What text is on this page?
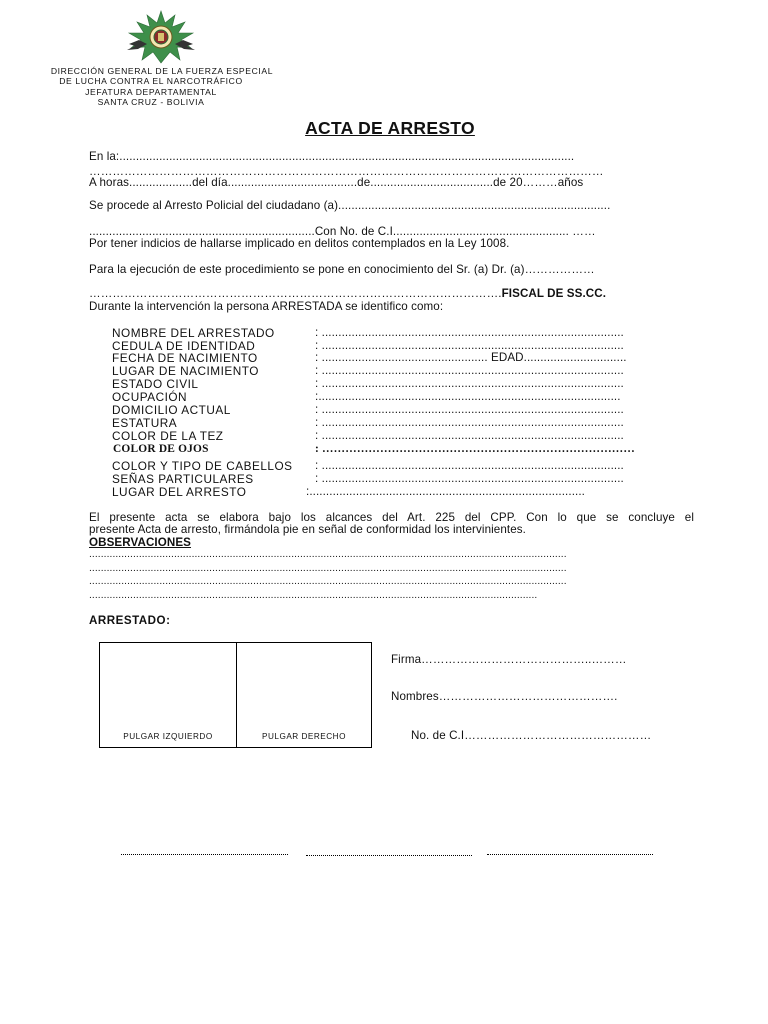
DIRECCIÓN GENERAL DE LA FUERZA ESPECIAL
DE LUCHA CONTRA EL NARCOTRÁFICO
JEFATURA DEPARTAMENTAL
SANTA CRUZ - BOLIVIA
ACTA DE ARRESTO
En la:.........................................................................................................................................
……………………………………………………………………………………………………………………
A horas...................del día.......................................de.....................................de 20………años
Se procede al Arresto Policial del ciudadano (a)..................................................................................
....................................................................Con No. de C.I..................................................... ……
Por tener indicios de hallarse implicado en delitos contemplados en la Ley 1008.
Para la ejecución de este procedimiento se pone en conocimiento del Sr. (a) Dr. (a)………………
…………………………………………………………………………………………….FISCAL DE SS.CC.
Durante la intervención la persona ARRESTADA se identifico como:
NOMBRE DEL ARRESTADO	: ...........................................................................................
CEDULA DE IDENTIDAD	: ...........................................................................................
FECHA DE NACIMIENTO	: .................................................. EDAD...............................
LUGAR DE NACIMIENTO	: ...........................................................................................
ESTADO CIVIL	: ...........................................................................................
OCUPACIÓN	:...........................................................................................
DOMICILIO ACTUAL	: ...........................................................................................
ESTATURA	: ...........................................................................................
COLOR DE LA TEZ	: ...........................................................................................
COLOR DE OJOS	: ………………………………………………………………………
COLOR Y TIPO DE CABELLOS : ...........................................................................................
SEÑAS PARTICULARES	: ...........................................................................................
LUGAR DEL ARRESTO	:...................................................................................
El presente acta se elabora bajo los alcances del Art. 225 del CPP. Con lo que se concluye el
presente Acta de arresto, firmándola pie en señal de conformidad los intervinientes.
OBSERVACIONES
...................................................................................................................................................................
...................................................................................................................................................................
...................................................................................................................................................................
.........................................................................................................................................................
ARRESTADO:
PULGAR IZQUIERDO	PULGAR DERECHO
Firma……………………………………..………
Nombres……………………………………….
No. de C.I…………………………………………
